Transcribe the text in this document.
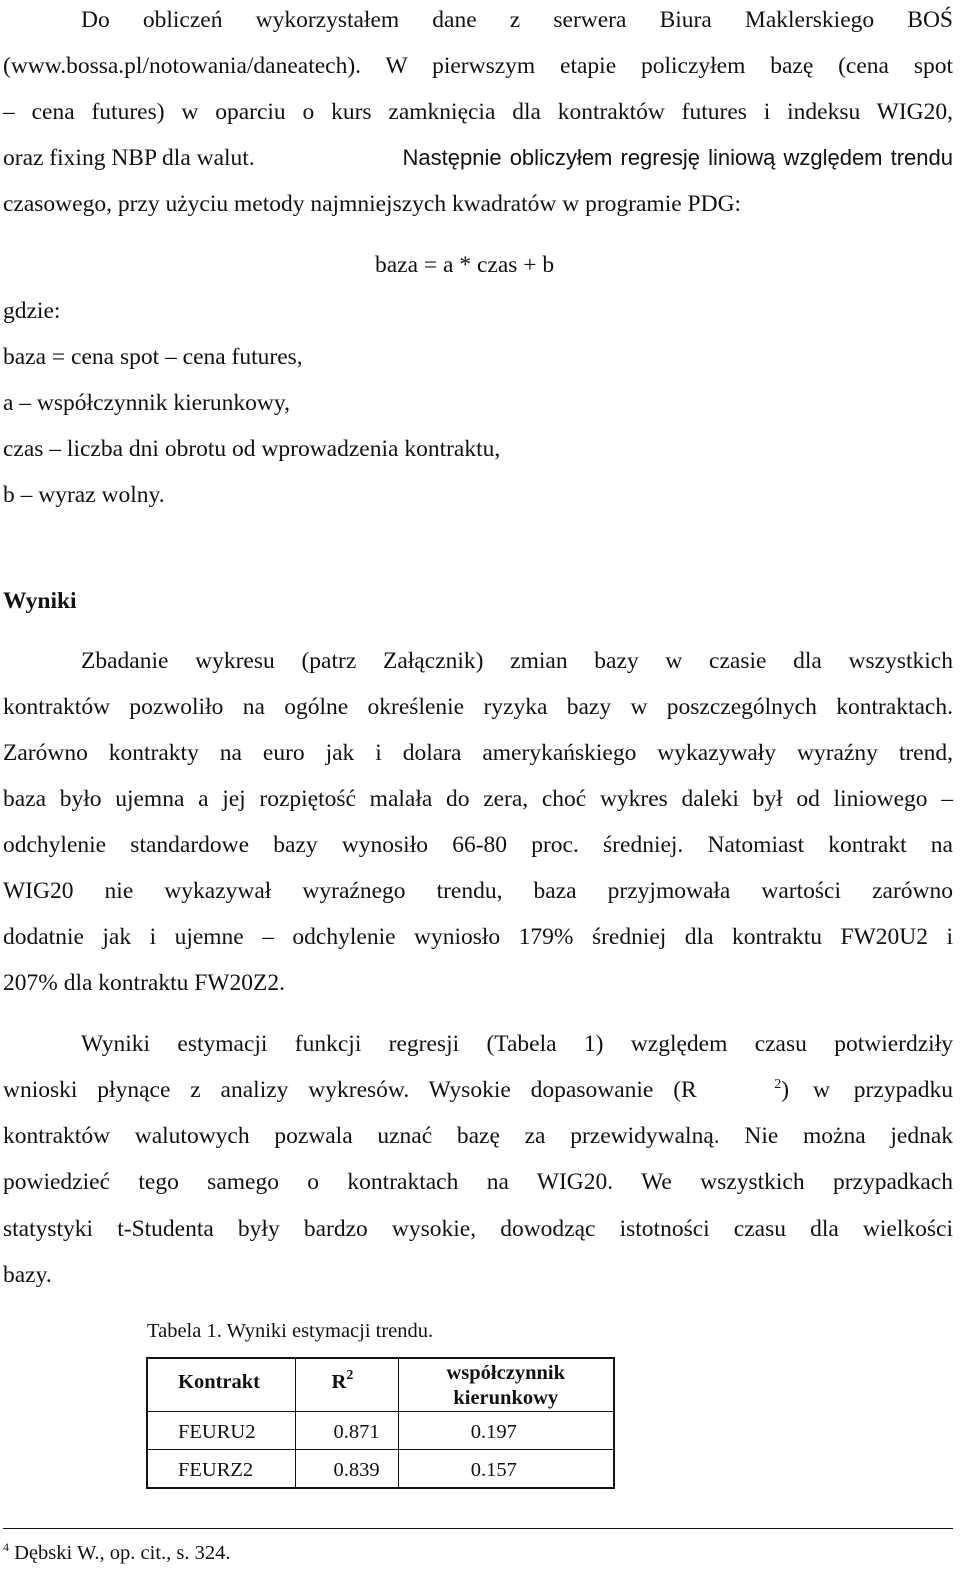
Do obliczeń wykorzystałem dane z serwera Biura Maklerskiego BOŚ
(www.bossa.pl/notowania/daneatech). W pierwszym etapie policzyłem bazę (cena spot
– cena futures) w oparciu o kurs zamknięcia dla kontraktów futures i indeksu WIG20,
oraz fixing NBP dla walut.	Następnie obliczyłem regresję liniową względem trendu
czasowego, przy użyciu metody najmniejszych kwadratów w programie PDG:
baza = a * czas + b
gdzie:
baza = cena spot – cena futures,
a – współczynnik kierunkowy,
czas – liczba dni obrotu od wprowadzenia kontraktu,
b – wyraz wolny.
Wyniki
Zbadanie wykresu (patrz Załącznik) zmian bazy w czasie dla wszystkich
kontraktów pozwoliło na ogólne określenie ryzyka bazy w poszczególnych kontraktach.
Zarówno kontrakty na euro jak i dolara amerykańskiego wykazywały wyraźny trend,
baza było ujemna a jej rozpiętość malała do zera, choć wykres daleki był od liniowego –
odchylenie standardowe bazy wynosiło 66-80 proc. średniej. Natomiast kontrakt na
WIG20 nie wykazywał wyraźnego trendu, baza przyjmowała wartości zarówno
dodatnie jak i ujemne – odchylenie wyniosło 179% średniej dla kontraktu FW20U2 i
207% dla kontraktu FW20Z2.
Wyniki estymacji funkcji regresji (Tabela 1) względem czasu potwierdziły
wnioski płynące z analizy wykresów. Wysokie dopasowanie (R	$^2$) w przypadku
kontraktów walutowych pozwala uznać bazę za przewidywalną. Nie można jednak
powiedzieć tego samego o kontraktach na WIG20. We wszystkich przypadkach
statystyki t-Studenta były bardzo wysokie, dowodząc istotności czasu dla wielkości
bazy.
Tabela 1. Wyniki estymacji trendu.
Kontrakt	$R^2$	współczynnik
kierunkowy

FEURU2	0.871	0.197
FEURZ2	0.839	0.157
$^4$ Dębski W., op. cit., s. 324.
